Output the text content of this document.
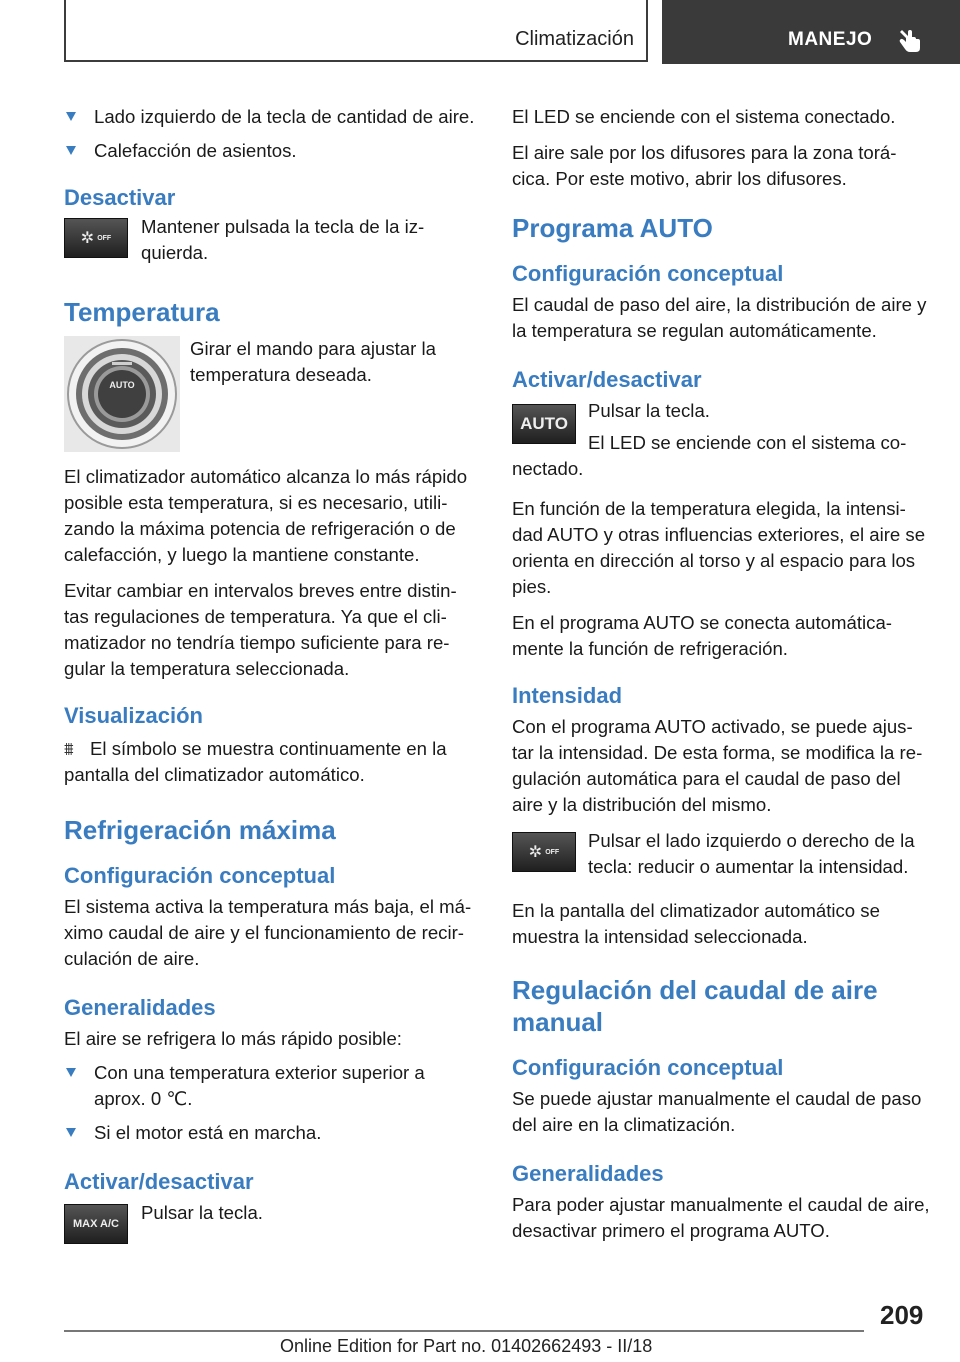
Climatización	MANEJO
Lado izquierdo de la tecla de cantidad de aire.
Calefacción de asientos.
Desactivar
✲ OFF

Mantener pulsada la tecla de la iz-
quierda.

Temperatura
AUTO

Girar el mando para ajustar la
temperatura deseada.

El climatizador automático alcanza lo más rápido posible esta temperatura, si es necesario, utili-zando la máxima potencia de refrigeración o de calefacción, y luego la mantiene constante.

Evitar cambiar en intervalos breves entre distin-tas regulaciones de temperatura. Ya que el cli-matizador no tendría tiempo suficiente para re-gular la temperatura seleccionada.

Visualización

⩩ El símbolo se muestra continuamente en la pantalla del climatizador automático.

Refrigeración máxima
Configuración conceptual

El sistema activa la temperatura más baja, el má-ximo caudal de aire y el funcionamiento de recir-culación de aire.

Generalidades

El aire se refrigera lo más rápido posible:

Con una temperatura exterior superior a aprox. 0 ℃.
Si el motor está en marcha.
Activar/desactivar
MAX A/C

Pulsar la tecla.

El LED se enciende con el sistema conectado.

El aire sale por los difusores para la zona torá-cica. Por este motivo, abrir los difusores.

Programa AUTO
Configuración conceptual

El caudal de paso del aire, la distribución de aire y la temperatura se regulan automáticamente.

Activar/desactivar
AUTO

Pulsar la tecla.

El LED se enciende con el sistema co-

nectado.

En función de la temperatura elegida, la intensi-dad AUTO y otras influencias exteriores, el aire se orienta en dirección al torso y al espacio para los pies.

En el programa AUTO se conecta automática-mente la función de refrigeración.

Intensidad

Con el programa AUTO activado, se puede ajus-tar la intensidad. De esta forma, se modifica la re-gulación automática para el caudal de paso del aire y la distribución del mismo.

✲ OFF

Pulsar el lado izquierdo o derecho de la
tecla: reducir o aumentar la intensidad.

En la pantalla del climatizador automático se muestra la intensidad seleccionada.

Regulación del caudal de aire
manual
Configuración conceptual

Se puede ajustar manualmente el caudal de paso del aire en la climatización.

Generalidades

Para poder ajustar manualmente el caudal de aire, desactivar primero el programa AUTO.

209
Online Edition for Part no. 01402662493 - II/18
